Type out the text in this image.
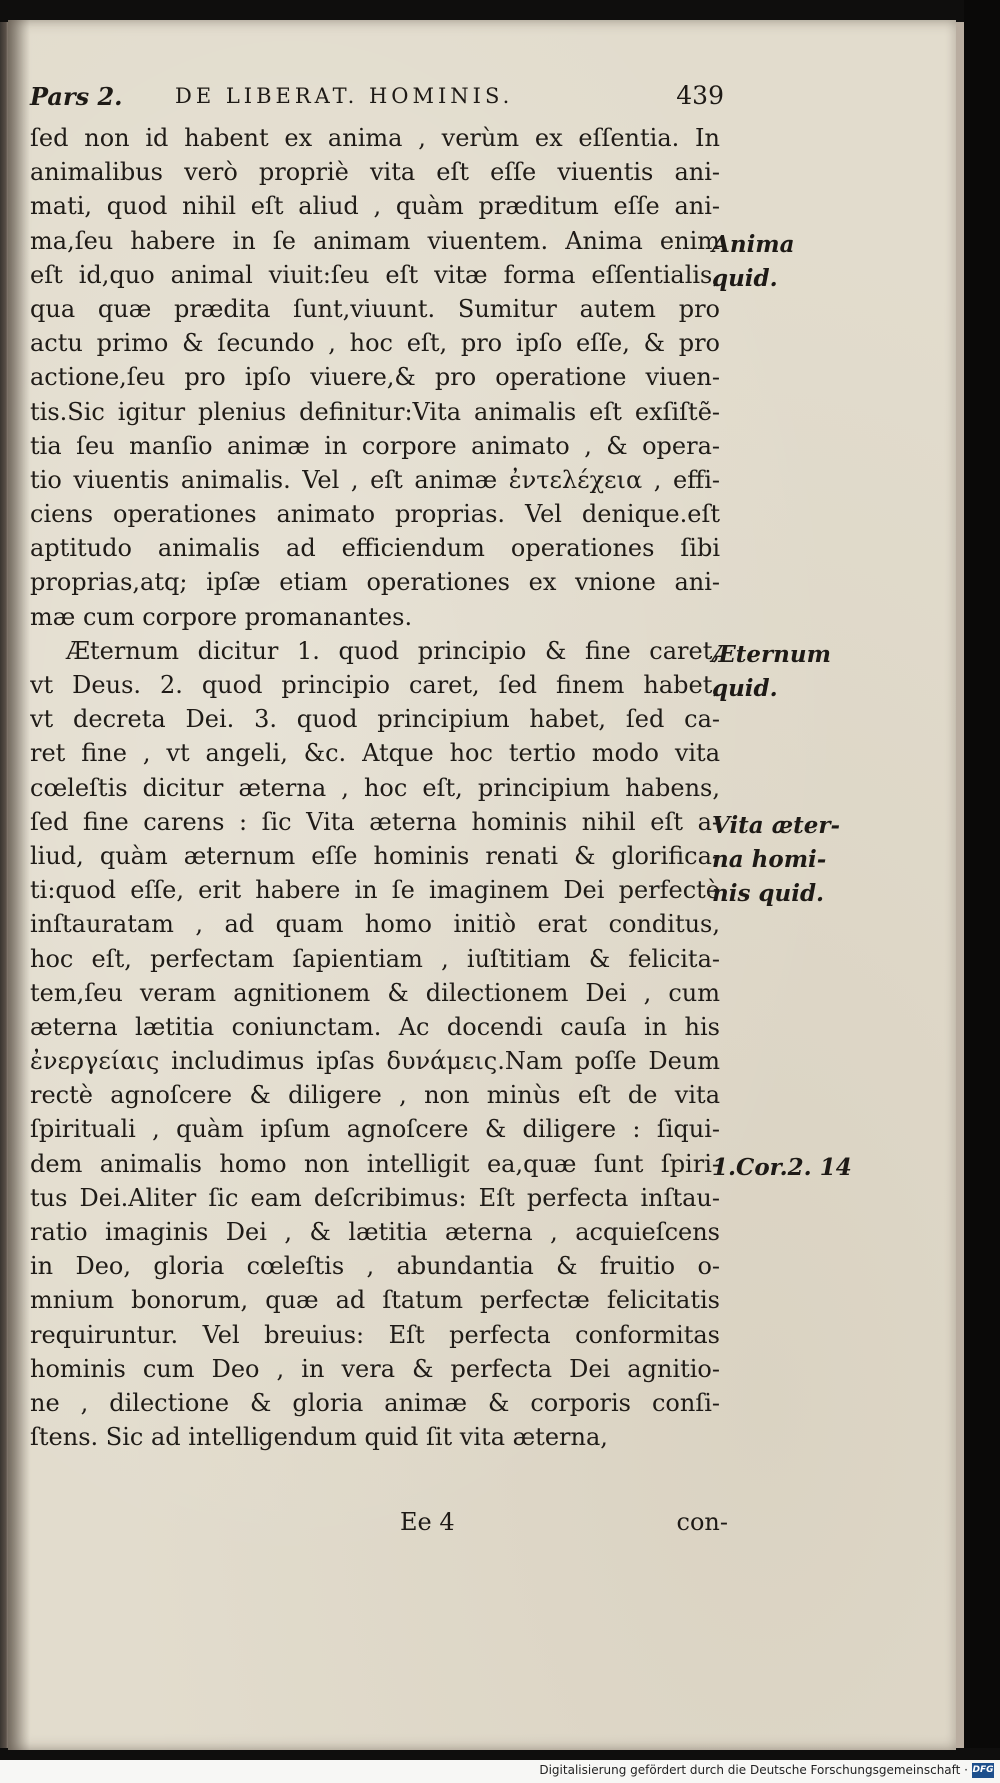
Pars 2. DE LIBERAT. HOMINIS.	439
ſed non id habent ex anima , verùm ex eſſentia. In
animalibus verò propriè vita eſt eſſe viuentis ani-
mati, quod nihil eſt aliud , quàm præditum eſſe ani-
ma,ſeu habere in ſe animam viuentem. Anima enim
eſt id,quo animal viuit:ſeu eſt vitæ forma eſſentialis,
qua quæ prædita ſunt,viuunt. Sumitur autem pro
actu primo & ſecundo , hoc eſt, pro ipſo eſſe, & pro
actione,ſeu pro ipſo viuere,& pro operatione viuen-
tis.Sic igitur plenius definitur:Vita animalis eſt exſiſtẽ-
tia ſeu manſio animæ in corpore animato , & opera-
tio viuentis animalis. Vel , eſt animæ ἐντελέχεια , effi-
ciens operationes animato proprias. Vel denique.eſt
aptitudo animalis ad efficiendum operationes ſibi
proprias,atq; ipſæ etiam operationes ex vnione ani-
mæ cum corpore promanantes.
Æternum dicitur 1. quod principio & fine caret,
vt Deus. 2. quod principio caret, ſed finem habet,
vt decreta Dei. 3. quod principium habet, ſed ca-
ret fine , vt angeli, &c. Atque hoc tertio modo vita
cœleſtis dicitur æterna , hoc eſt, principium habens,
ſed fine carens : ſic Vita æterna hominis nihil eſt a-
liud, quàm æternum eſſe hominis renati & glorifica-
ti:quod eſſe, erit habere in ſe imaginem Dei perfectè
inſtauratam , ad quam homo initiò erat conditus,
hoc eſt, perfectam ſapientiam , iuſtitiam & felicita-
tem,ſeu veram agnitionem & dilectionem Dei , cum
æterna lætitia coniunctam. Ac docendi cauſa in his
ἐνεργείαις includimus ipſas δυνάμεις.Nam poſſe Deum
rectè agnoſcere & diligere , non minùs eſt de vita
ſpirituali , quàm ipſum agnoſcere & diligere : ſiqui-
dem animalis homo non intelligit ea,quæ ſunt ſpiri-
tus Dei.Aliter ſic eam deſcribimus: Eſt perfecta inſtau-
ratio imaginis Dei , & lætitia æterna , acquieſcens
in Deo, gloria cœleſtis , abundantia & fruitio o-
mnium bonorum, quæ ad ſtatum perfectæ felicitatis
requiruntur. Vel breuius: Eſt perfecta conformitas
hominis cum Deo , in vera & perfecta Dei agnitio-
ne , dilectione & gloria animæ & corporis conſi-
ſtens. Sic ad intelligendum quid ſit vita æterna,
Anima
quid.
Æternum
quid.
Vita æter-
na homi-
nis quid.
1.Cor.2. 14
Ee 4	con-
Digitalisierung gefördert durch die Deutsche Forschungsgemeinschaft · DFG
